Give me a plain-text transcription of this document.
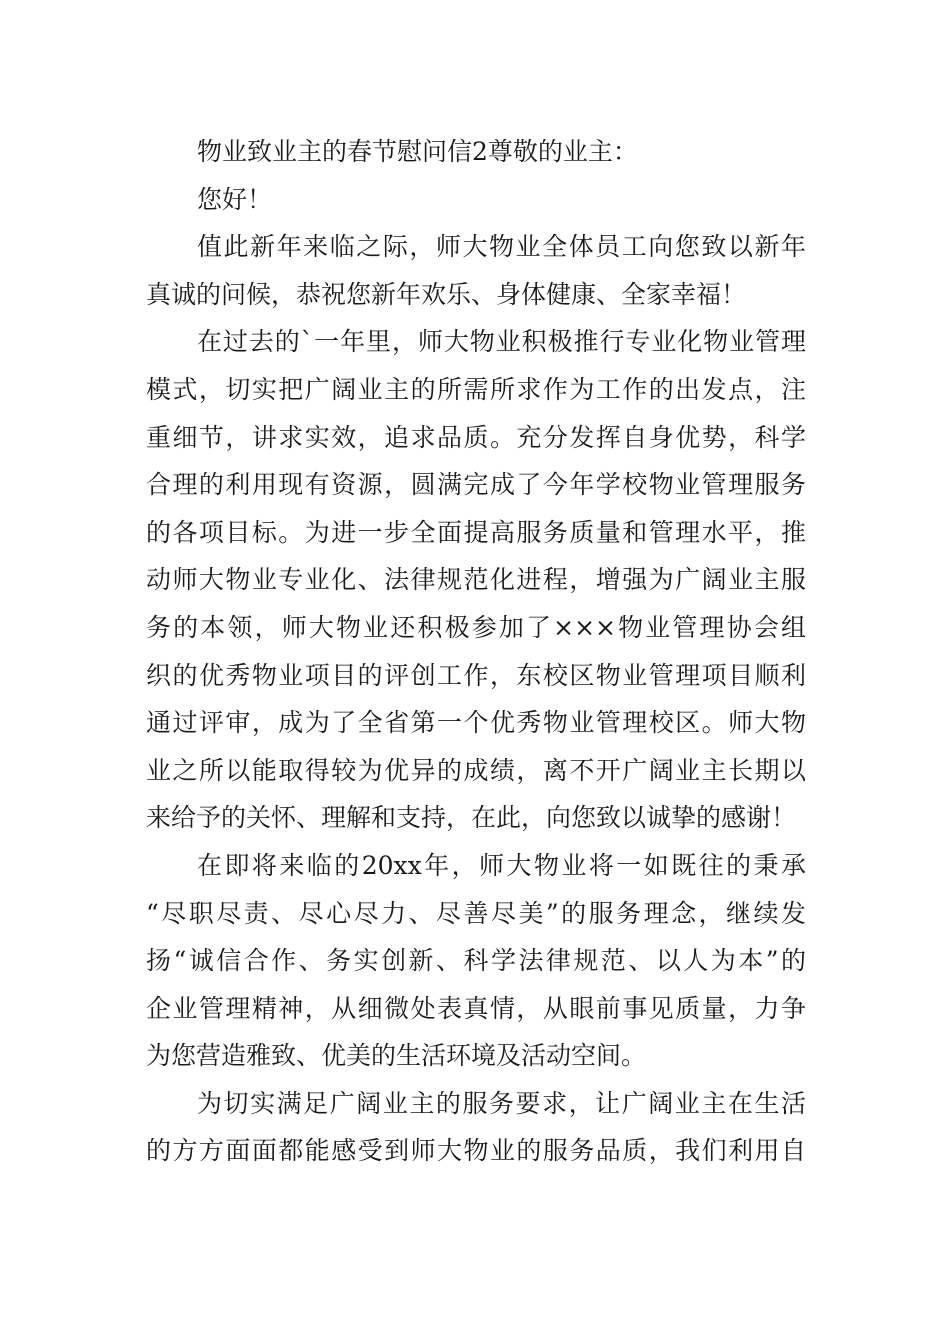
物业致业主的春节慰问信2尊敬的业主：
您好！
值此新年来临之际，师大物业全体员工向您致以新年
真诚的问候，恭祝您新年欢乐、身体健康、全家幸福！
在过去的`一年里，师大物业积极推行专业化物业管理
模式，切实把广阔业主的所需所求作为工作的出发点，注
重细节，讲求实效，追求品质。充分发挥自身优势，科学
合理的利用现有资源，圆满完成了今年学校物业管理服务
的各项目标。为进一步全面提高服务质量和管理水平，推
动师大物业专业化、法律规范化进程，增强为广阔业主服
务的本领，师大物业还积极参加了×××物业管理协会组
织的优秀物业项目的评创工作，东校区物业管理项目顺利
通过评审，成为了全省第一个优秀物业管理校区。师大物
业之所以能取得较为优异的成绩，离不开广阔业主长期以
来给予的关怀、理解和支持，在此，向您致以诚挚的感谢！
在即将来临的20xx年，师大物业将一如既往的秉承
“尽职尽责、尽心尽力、尽善尽美”的服务理念，继续发
扬“诚信合作、务实创新、科学法律规范、以人为本”的
企业管理精神，从细微处表真情，从眼前事见质量，力争
为您营造雅致、优美的生活环境及活动空间。
为切实满足广阔业主的服务要求，让广阔业主在生活
的方方面面都能感受到师大物业的服务品质，我们利用自
